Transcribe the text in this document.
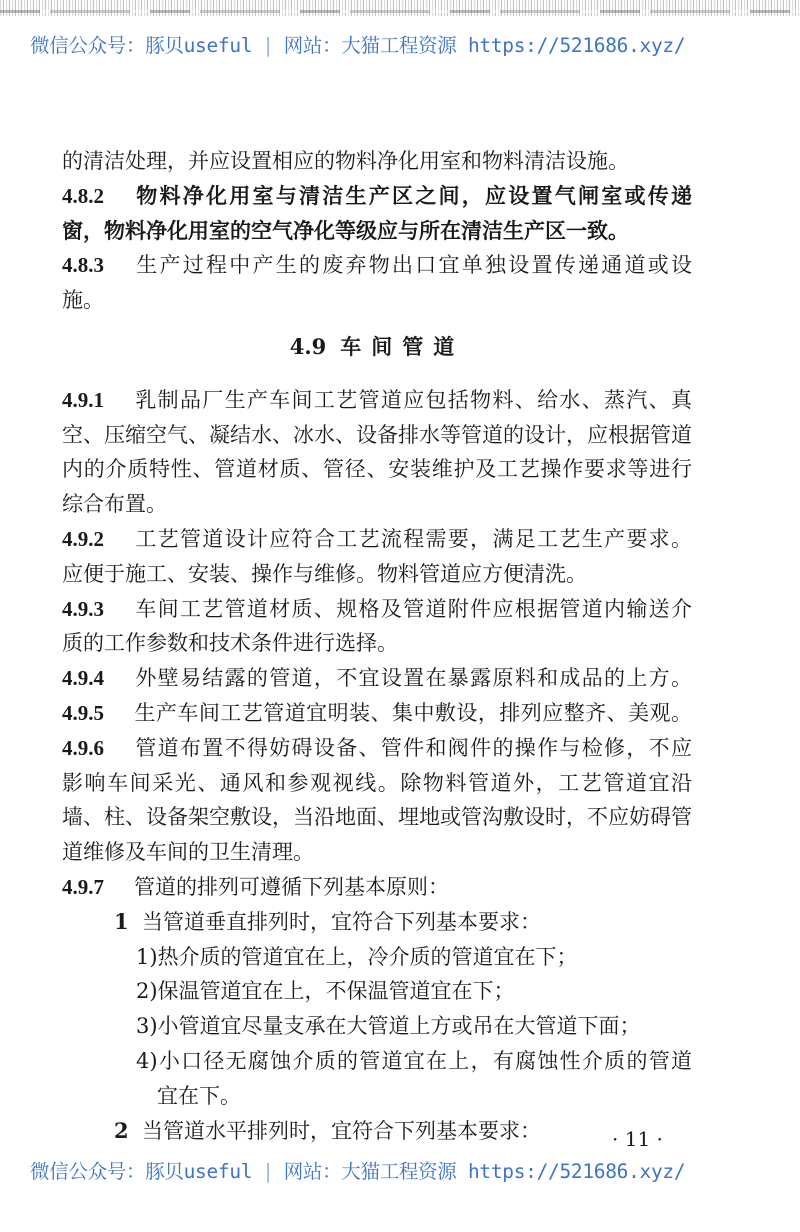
微信公众号：豚贝useful | 网站：大猫工程资源 https://521686.xyz/
的清洁处理，并应设置相应的物料净化用室和物料清洁设施。
4.8.2 物料净化用室与清洁生产区之间，应设置气闸室或传递
窗，物料净化用室的空气净化等级应与所在清洁生产区一致。
4.8.3 生产过程中产生的废弃物出口宜单独设置传递通道或设
施。
4.9 车间管道
4.9.1 乳制品厂生产车间工艺管道应包括物料、给水、蒸汽、真
空、压缩空气、凝结水、冰水、设备排水等管道的设计，应根据管道
内的介质特性、管道材质、管径、安装维护及工艺操作要求等进行
综合布置。
4.9.2 工艺管道设计应符合工艺流程需要，满足工艺生产要求。
应便于施工、安装、操作与维修。物料管道应方便清洗。
4.9.3 车间工艺管道材质、规格及管道附件应根据管道内输送介
质的工作参数和技术条件进行选择。
4.9.4 外壁易结露的管道，不宜设置在暴露原料和成品的上方。
4.9.5 生产车间工艺管道宜明装、集中敷设，排列应整齐、美观。
4.9.6 管道布置不得妨碍设备、管件和阀件的操作与检修，不应
影响车间采光、通风和参观视线。除物料管道外，工艺管道宜沿
墙、柱、设备架空敷设，当沿地面、埋地或管沟敷设时，不应妨碍管
道维修及车间的卫生清理。
4.9.7 管道的排列可遵循下列基本原则：
1 当管道垂直排列时，宜符合下列基本要求：
1)热介质的管道宜在上，冷介质的管道宜在下；
2)保温管道宜在上，不保温管道宜在下；
3)小管道宜尽量支承在大管道上方或吊在大管道下面；
4)小口径无腐蚀介质的管道宜在上，有腐蚀性介质的管道
宜在下。
2 当管道水平排列时，宜符合下列基本要求：	· 11 ·
微信公众号：豚贝useful | 网站：大猫工程资源 https://521686.xyz/
